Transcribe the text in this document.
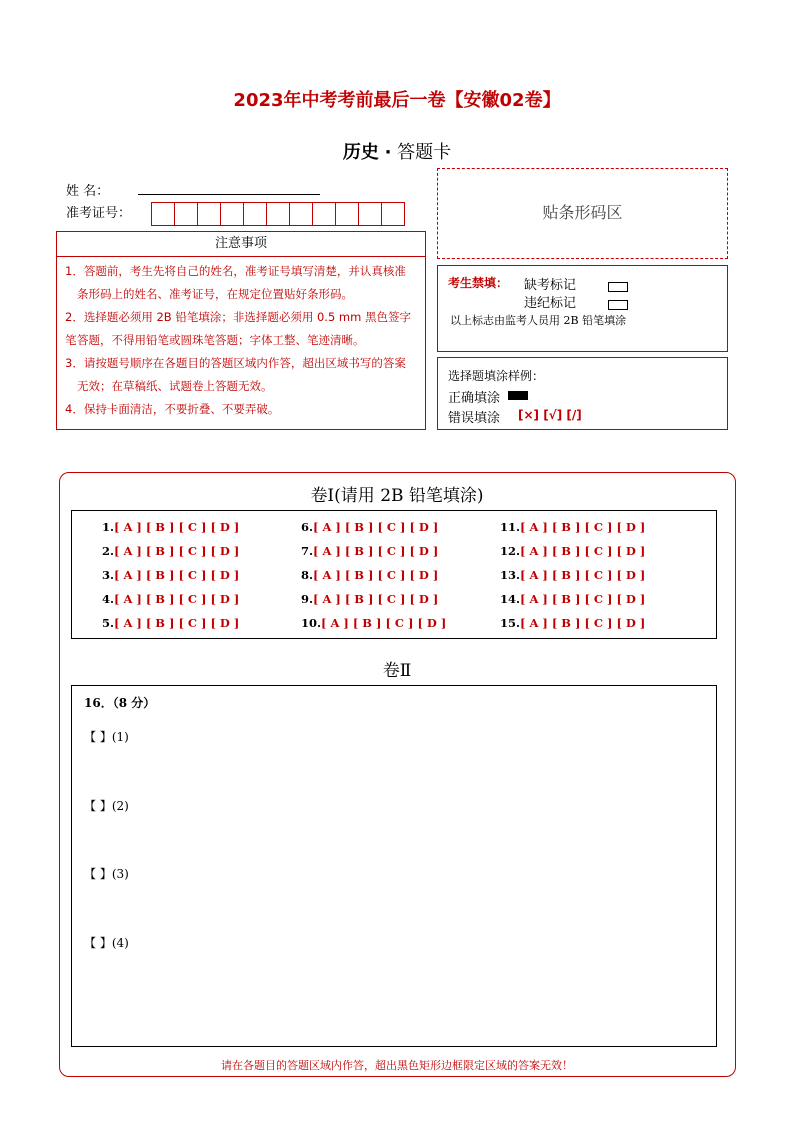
2023年中考考前最后一卷【安徽02卷】
历史 · 答题卡
姓 名：
准考证号：
注意事项
1．答题前，考生先将自己的姓名，准考证号填写清楚，并认真核准
条形码上的姓名、准考证号，在规定位置贴好条形码。
2．选择题必须用 2B 铅笔填涂；非选择题必须用 0.5 mm 黑色签字笔 答题，不得用铅笔或圆珠笔答题；字体工整、笔迹清晰。
3．请按题号顺序在各题目的答题区域内作答，超出区域书写的答案
无效；在草稿纸、试题卷上答题无效。
4．保持卡面清洁，不要折叠、不要弄破。
贴条形码区
考生禁填： 缺考标记
违纪标记
以上标志由监考人员用 2B 铅笔填涂
选择题填涂样例：
正确填涂
错误填涂 [×] [√] [/]
卷Ⅰ(请用 2B 铅笔填涂)
1.[ A ] [ B ] [ C ] [ D ]
2.[ A ] [ B ] [ C ] [ D ]
3.[ A ] [ B ] [ C ] [ D ]
4.[ A ] [ B ] [ C ] [ D ]
5.[ A ] [ B ] [ C ] [ D ]
6.[ A ] [ B ] [ C ] [ D ]
7.[ A ] [ B ] [ C ] [ D ]
8.[ A ] [ B ] [ C ] [ D ]
9.[ A ] [ B ] [ C ] [ D ]
10.[ A ] [ B ] [ C ] [ D ]
11.[ A ] [ B ] [ C ] [ D ]
12.[ A ] [ B ] [ C ] [ D ]
13.[ A ] [ B ] [ C ] [ D ]
14.[ A ] [ B ] [ C ] [ D ]
15.[ A ] [ B ] [ C ] [ D ]
卷Ⅱ
16．（8 分）
【 】(1)
【 】(2)
【 】(3)
【 】(4)
请在各题目的答题区域内作答，超出黑色矩形边框限定区域的答案无效！
